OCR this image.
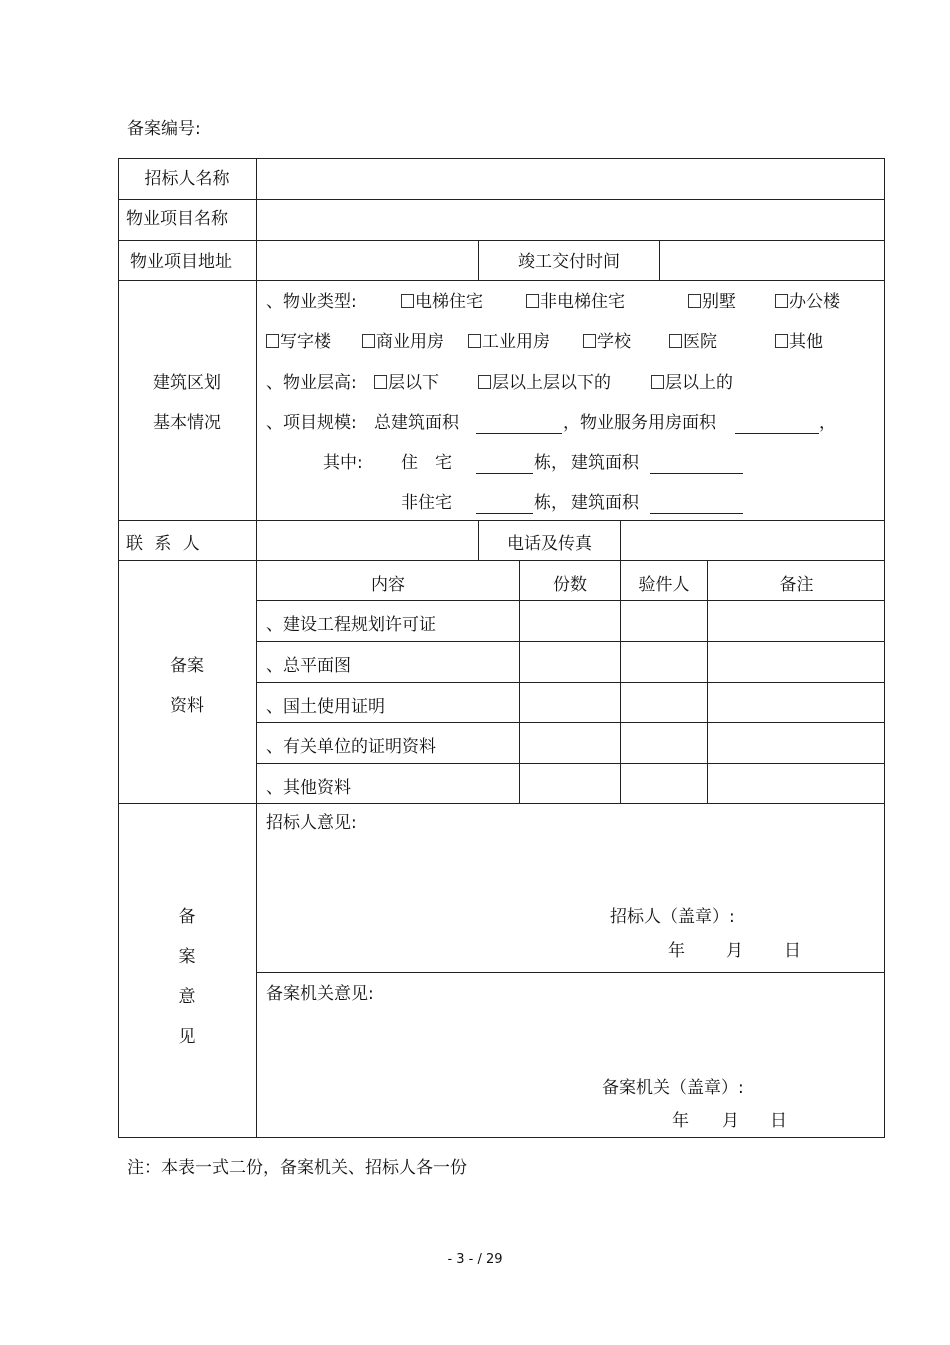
备案编号:
招标人名称
物业项目名称
物业项目地址	竣工交付时间
建筑区划
基本情况
、物业类型:	电梯住宅	非电梯住宅	别墅	办公楼
写字楼	商业用房	工业用房	学校	医院	其他
、物业层高:	层以下	层以上层以下的	层以上的
、项目规模: 总建筑面积	，物业服务用房面积	，
其中: 住　宅	栋， 建筑面积
非住宅	栋， 建筑面积
联 系 人	电话及传真
备案
资料
内容	份数	验件人	备注
、建设工程规划许可证
、总平面图
、国土使用证明
、有关单位的证明资料
、其他资料
备
案
意
见
招标人意见:
招标人（盖章）:
年 月 日
备案机关意见:
备案机关（盖章）:
年 月 日
注：本表一式二份，备案机关、招标人各一份
- 3 - / 29
